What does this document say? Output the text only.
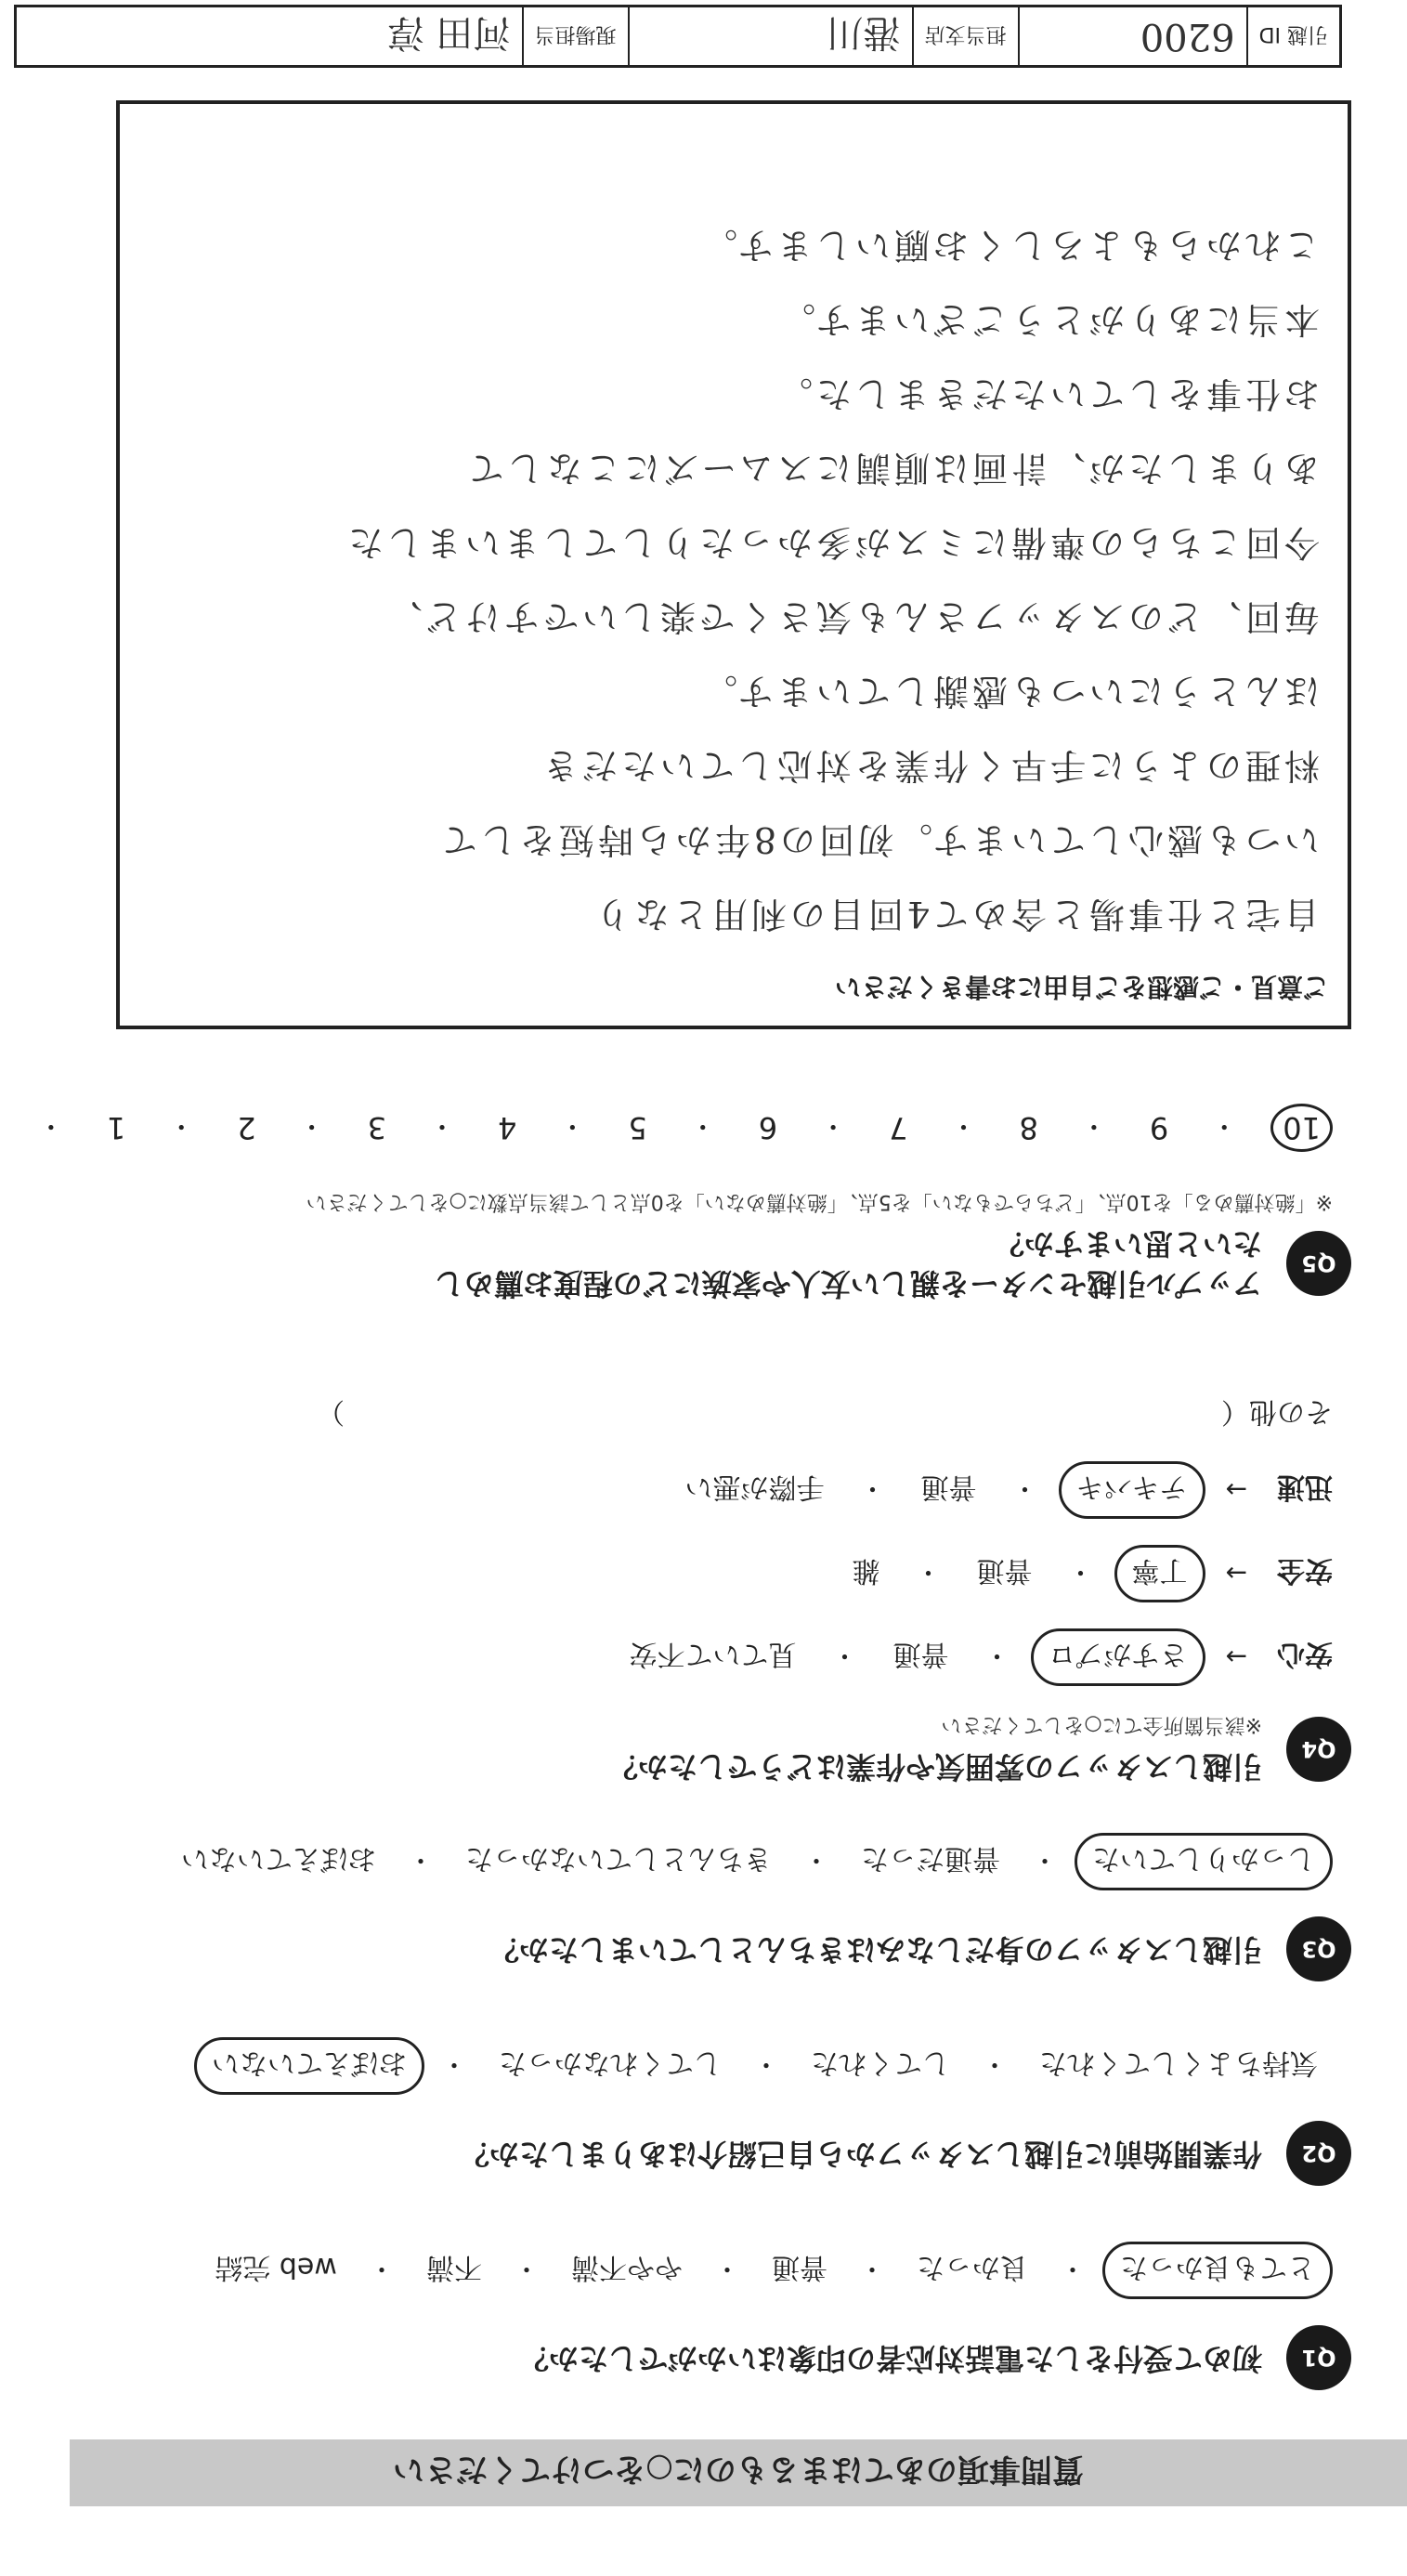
質問事項のあてはまるものに○をつけてください
Q1
初めて受付をした電話対応者の印象はいかがでしたか？
とても良かった
・
良かった
・
普通
・
やや不満
・
不満
・
web 完結
Q2
作業開始前に引越しスタッフから自己紹介はありましたか？
気持ちよくしてくれた
・
してくれた
・
してくれなかった
・
おぼえていない
Q3
引越しスタッフの身だしなみはきちんとしていましたか？
しっかりしていた
・
普通だった
・
きちんとしていなかった
・
おぼえていない
Q4
引越しスタッフの雰囲気や作業はどうでしたか？
※該当箇所全てに○をしてください
安心
→
さすがプロ
・
普通
・
見ていて不安
安全
→
丁寧
・
普通
・
雑
迅速
→
テキパキ
・
普通
・
手際が悪い
その他（
）
Q5
アップル引越センターを親しい友人や家族にどの程度お薦めしたいと思いますか？
※「絶対薦める」を10点、「どちらでもない」を5点、「絶対薦めない」を0点として該当点数に○をしてください
10
・
9
・
8
・
7
・
6
・
5
・
4
・
3
・
2
・
1
・
ご意見・ご感想をご自由にお書きください
自宅と仕事場と含めて4回目の利用となり
いつも感心しています。初回の8年から時短をして
料理のように手早く作業を対応していただき
ほんとうにいつも感謝しています。
毎回、どのスタッフさんも気さくで楽しいですけど、
今回こちらの準備にミスが多かったりしてしまいました
ありましたが、計画は順調にスムーズにこなして
お仕事をしていただきました。
本当にありがとうございます。
これからもよろしくお願いします。
引越 ID
6200
担当支店
港川
現場担当
河田 淳
